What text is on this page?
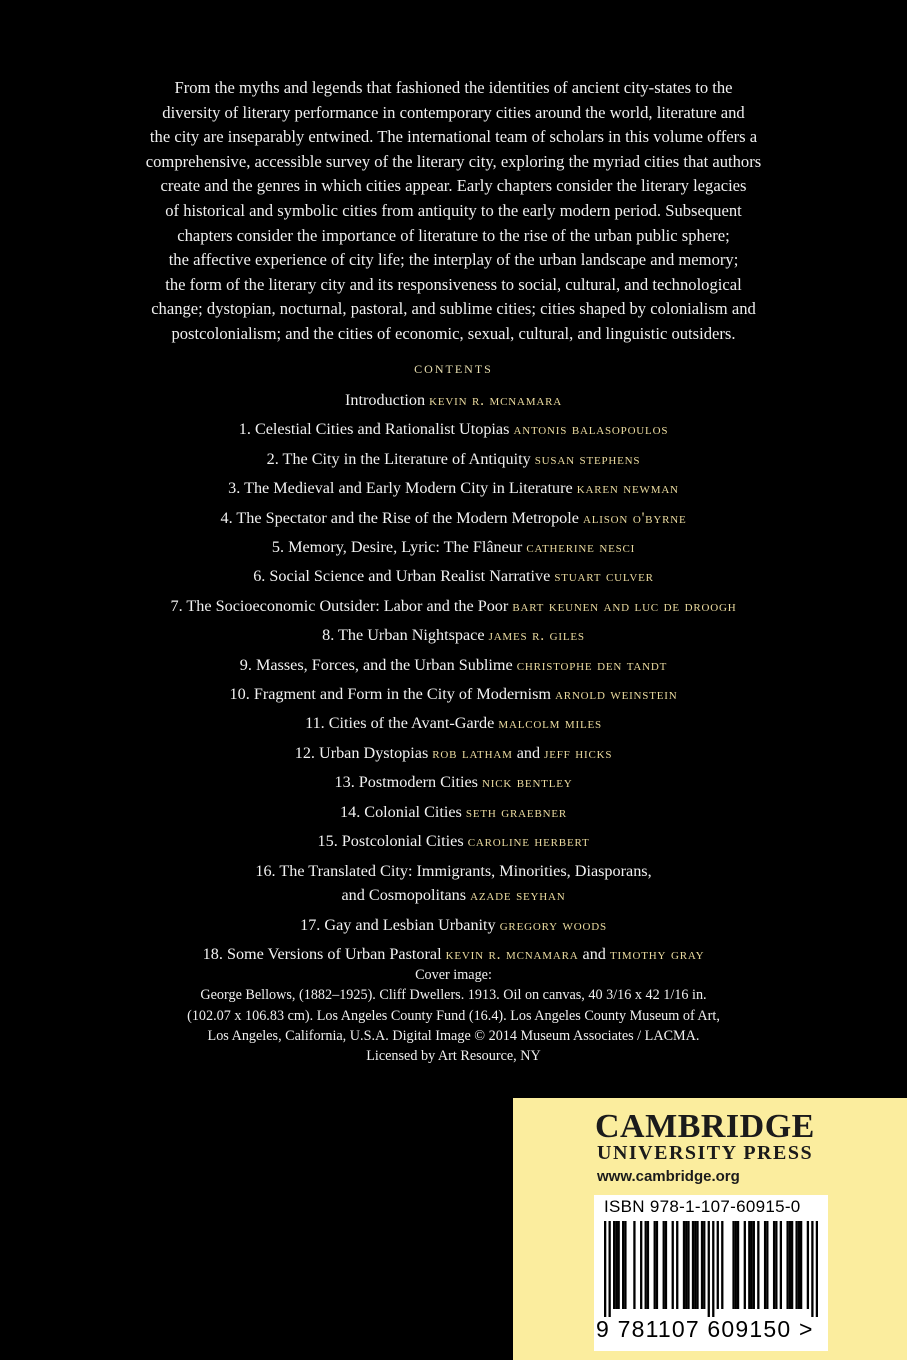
From the myths and legends that fashioned the identities of ancient city-states to the
diversity of literary performance in contemporary cities around the world, literature and
the city are inseparably entwined. The international team of scholars in this volume offers a
comprehensive, accessible survey of the literary city, exploring the myriad cities that authors
create and the genres in which cities appear. Early chapters consider the literary legacies
of historical and symbolic cities from antiquity to the early modern period. Subsequent
chapters consider the importance of literature to the rise of the urban public sphere;
the affective experience of city life; the interplay of the urban landscape and memory;
the form of the literary city and its responsiveness to social, cultural, and technological
change; dystopian, nocturnal, pastoral, and sublime cities; cities shaped by colonialism and
postcolonialism; and the cities of economic, sexual, cultural, and linguistic outsiders.
CONTENTS
Introduction kevin r. mcnamara
1. Celestial Cities and Rationalist Utopias antonis balasopoulos
2. The City in the Literature of Antiquity susan stephens
3. The Medieval and Early Modern City in Literature karen newman
4. The Spectator and the Rise of the Modern Metropole alison o'byrne
5. Memory, Desire, Lyric: The Flâneur catherine nesci
6. Social Science and Urban Realist Narrative stuart culver
7. The Socioeconomic Outsider: Labor and the Poor bart keunen and luc de droogh
8. The Urban Nightspace james r. giles
9. Masses, Forces, and the Urban Sublime christophe den tandt
10. Fragment and Form in the City of Modernism arnold weinstein
11. Cities of the Avant-Garde malcolm miles
12. Urban Dystopias rob latham and jeff hicks
13. Postmodern Cities nick bentley
14. Colonial Cities seth graebner
15. Postcolonial Cities caroline herbert
16. The Translated City: Immigrants, Minorities, Diasporans,
and Cosmopolitans azade seyhan
17. Gay and Lesbian Urbanity gregory woods
18. Some Versions of Urban Pastoral kevin r. mcnamara and timothy gray
Cover image:
George Bellows, (1882–1925). Cliff Dwellers. 1913. Oil on canvas, 40 3/16 x 42 1/16 in.
(102.07 x 106.83 cm). Los Angeles County Fund (16.4). Los Angeles County Museum of Art,
Los Angeles, California, U.S.A. Digital Image © 2014 Museum Associates / LACMA.
Licensed by Art Resource, NY
CAMBRIDGE
UNIVERSITY PRESS
www.cambridge.org
ISBN 978-1-107-60915-0
9 781107 609150 >
